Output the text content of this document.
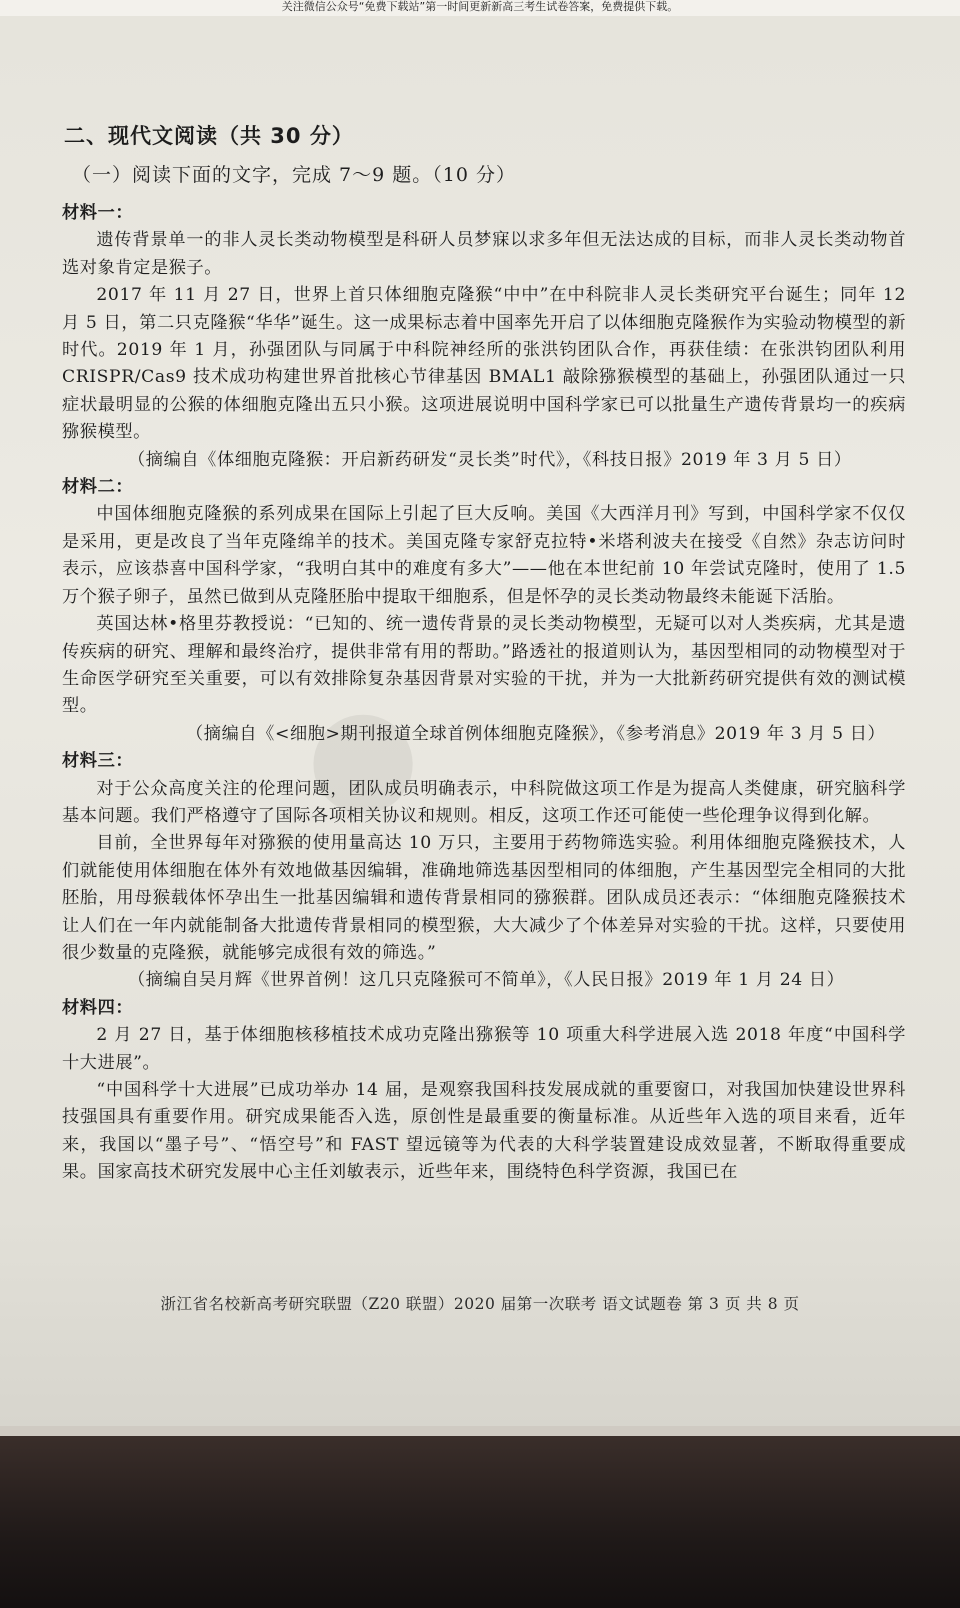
关注微信公众号“免费下载站”第一时间更新新高三考生试卷答案，免费提供下载。
●
二、现代文阅读（共 30 分）
（一）阅读下面的文字，完成 7～9 题。（10 分）

材料一：

遗传背景单一的非人灵长类动物模型是科研人员梦寐以求多年但无法达成的目标，而非人灵长类动物首选对象肯定是猴子。

2017 年 11 月 27 日，世界上首只体细胞克隆猴“中中”在中科院非人灵长类研究平台诞生；同年 12 月 5 日，第二只克隆猴“华华”诞生。这一成果标志着中国率先开启了以体细胞克隆猴作为实验动物模型的新时代。2019 年 1 月，孙强团队与同属于中科院神经所的张洪钧团队合作，再获佳绩：在张洪钧团队利用 CRISPR/Cas9 技术成功构建世界首批核心节律基因 BMAL1 敲除猕猴模型的基础上，孙强团队通过一只症状最明显的公猴的体细胞克隆出五只小猴。这项进展说明中国科学家已可以批量生产遗传背景均一的疾病猕猴模型。

（摘编自《体细胞克隆猴：开启新药研发“灵长类”时代》，《科技日报》2019 年 3 月 5 日）

材料二：

中国体细胞克隆猴的系列成果在国际上引起了巨大反响。美国《大西洋月刊》写到，中国科学家不仅仅是采用，更是改良了当年克隆绵羊的技术。美国克隆专家舒克拉特•米塔利波夫在接受《自然》杂志访问时表示，应该恭喜中国科学家，“我明白其中的难度有多大”——他在本世纪前 10 年尝试克隆时，使用了 1.5 万个猴子卵子，虽然已做到从克隆胚胎中提取干细胞系，但是怀孕的灵长类动物最终未能诞下活胎。

英国达林•格里芬教授说：“已知的、统一遗传背景的灵长类动物模型，无疑可以对人类疾病，尤其是遗传疾病的研究、理解和最终治疗，提供非常有用的帮助。”路透社的报道则认为，基因型相同的动物模型对于生命医学研究至关重要，可以有效排除复杂基因背景对实验的干扰，并为一大批新药研究提供有效的测试模型。

（摘编自《<细胞>期刊报道全球首例体细胞克隆猴》，《参考消息》2019 年 3 月 5 日）

材料三：

对于公众高度关注的伦理问题，团队成员明确表示，中科院做这项工作是为提高人类健康，研究脑科学基本问题。我们严格遵守了国际各项相关协议和规则。相反，这项工作还可能使一些伦理争议得到化解。

目前，全世界每年对猕猴的使用量高达 10 万只，主要用于药物筛选实验。利用体细胞克隆猴技术，人们就能使用体细胞在体外有效地做基因编辑，准确地筛选基因型相同的体细胞，产生基因型完全相同的大批胚胎，用母猴载体怀孕出生一批基因编辑和遗传背景相同的猕猴群。团队成员还表示：“体细胞克隆猴技术让人们在一年内就能制备大批遗传背景相同的模型猴，大大减少了个体差异对实验的干扰。这样，只要使用很少数量的克隆猴，就能够完成很有效的筛选。”

（摘编自吴月辉《世界首例！这几只克隆猴可不简单》，《人民日报》2019 年 1 月 24 日）

材料四：

2 月 27 日，基于体细胞核移植技术成功克隆出猕猴等 10 项重大科学进展入选 2018 年度“中国科学十大进展”。

“中国科学十大进展”已成功举办 14 届，是观察我国科技发展成就的重要窗口，对我国加快建设世界科技强国具有重要作用。研究成果能否入选，原创性是最重要的衡量标准。从近些年入选的项目来看，近年来，我国以“墨子号”、“悟空号”和 FAST 望远镜等为代表的大科学装置建设成效显著，不断取得重要成果。国家高技术研究发展中心主任刘敏表示，近些年来，围绕特色科学资源，我国已在

浙江省名校新高考研究联盟（Z20 联盟）2020 届第一次联考 语文试题卷 第 3 页 共 8 页
